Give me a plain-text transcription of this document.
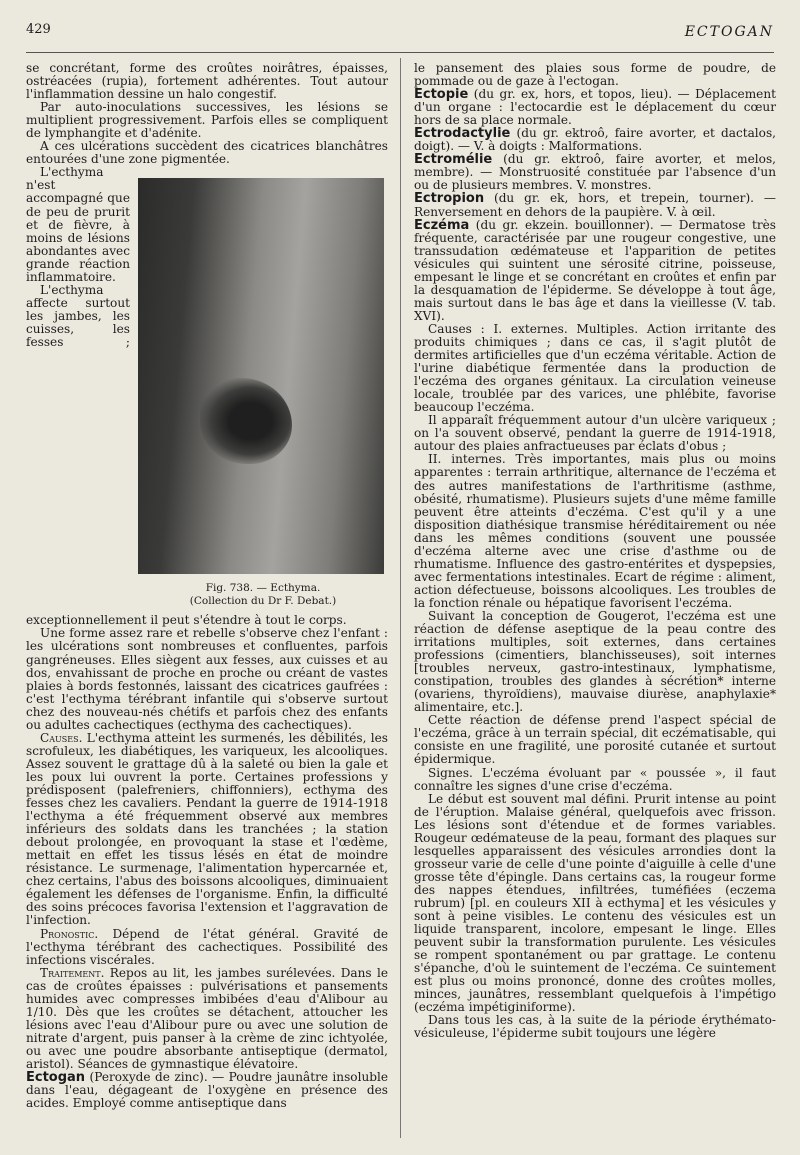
429	ECTOGAN

se concrétant, forme des croûtes noirâtres, épaisses, ostréacées (rupia), fortement adhérentes. Tout autour l'inflammation dessine un halo congestif.

Par auto-inoculations successives, les lésions se multiplient progressivement. Parfois elles se compliquent de lymphangite et d'adénite.

A ces ulcérations succèdent des cicatrices blanchâtres entourées d'une zone pigmentée.

Fig. 738. — Ecthyma.
(Collection du Dr F. Debat.)

L'ecthyma n'est accompagné que de peu de prurit et de fièvre, à moins de lésions abondantes avec grande réaction inflammatoire.

L'ecthyma affecte surtout les jambes, les cuisses, les fesses ; exceptionnellement il peut s'étendre à tout le corps.

Une forme assez rare et rebelle s'observe chez l'enfant : les ulcérations sont nombreuses et confluentes, parfois gangréneuses. Elles siègent aux fesses, aux cuisses et au dos, envahissant de proche en proche ou créant de vastes plaies à bords festonnés, laissant des cicatrices gaufrées : c'est l'ecthyma térébrant infantile qui s'observe surtout chez des nouveau-nés chétifs et parfois chez des enfants ou adultes cachectiques (ecthyma des cachectiques).

Causes. L'ecthyma atteint les surmenés, les débilités, les scrofuleux, les diabétiques, les variqueux, les alcooliques. Assez souvent le grattage dû à la saleté ou bien la gale et les poux lui ouvrent la porte. Certaines professions y prédisposent (palefreniers, chiffonniers), ecthyma des fesses chez les cavaliers. Pendant la guerre de 1914-1918 l'ecthyma a été fréquemment observé aux membres inférieurs des soldats dans les tranchées ; la station debout prolongée, en provoquant la stase et l'œdème, mettait en effet les tissus lésés en état de moindre résistance. Le surmenage, l'alimentation hypercarnée et, chez certains, l'abus des boissons alcooliques, diminuaient également les défenses de l'organisme. Enfin, la difficulté des soins précoces favorisa l'extension et l'aggravation de l'infection.

Pronostic. Dépend de l'état général. Gravité de l'ecthyma térébrant des cachectiques. Possibilité des infections viscérales.

Traitement. Repos au lit, les jambes surélevées. Dans le cas de croûtes épaisses : pulvérisations et pansements humides avec compresses imbibées d'eau d'Alibour au 1/10. Dès que les croûtes se détachent, attoucher les lésions avec l'eau d'Alibour pure ou avec une solution de nitrate d'argent, puis panser à la crème de zinc ichtyolée, ou avec une poudre absorbante antiseptique (dermatol, aristol). Séances de gymnastique élévatoire.

Ectogan (Peroxyde de zinc). — Poudre jaunâtre insoluble dans l'eau, dégageant de l'oxygène en présence des acides. Employé comme antiseptique dans

le pansement des plaies sous forme de poudre, de pommade ou de gaze à l'ectogan.

Ectopie (du gr. ex, hors, et topos, lieu). — Déplacement d'un organe : l'ectocardie est le déplacement du cœur hors de sa place normale.

Ectrodactylie (du gr. ektroô, faire avorter, et dactalos, doigt). — V. à doigts : Malformations.

Ectromélie (du gr. ektroô, faire avorter, et melos, membre). — Monstruosité constituée par l'absence d'un ou de plusieurs membres. V. monstres.

Ectropion (du gr. ek, hors, et trepein, tourner). — Renversement en dehors de la paupière. V. à œil.

Eczéma (du gr. ekzein. bouillonner). — Dermatose très fréquente, caractérisée par une rougeur congestive, une transsudation œdémateuse et l'apparition de petites vésicules qui suintent une sérosité citrine, poisseuse, empesant le linge et se concrétant en croûtes et enfin par la desquamation de l'épiderme. Se développe à tout âge, mais surtout dans le bas âge et dans la vieillesse (V. tab. XVI).

Causes : I. externes. Multiples. Action irritante des produits chimiques ; dans ce cas, il s'agit plutôt de dermites artificielles que d'un eczéma véritable. Action de l'urine diabétique fermentée dans la production de l'eczéma des organes génitaux. La circulation veineuse locale, troublée par des varices, une phlébite, favorise beaucoup l'eczéma.

Il apparaît fréquemment autour d'un ulcère variqueux ; on l'a souvent observé, pendant la guerre de 1914-1918, autour des plaies anfractueuses par éclats d'obus ;

II. internes. Très importantes, mais plus ou moins apparentes : terrain arthritique, alternance de l'eczéma et des autres manifestations de l'arthritisme (asthme, obésité, rhumatisme). Plusieurs sujets d'une même famille peuvent être atteints d'eczéma. C'est qu'il y a une disposition diathésique transmise héréditairement ou née dans les mêmes conditions (souvent une poussée d'eczéma alterne avec une crise d'asthme ou de rhumatisme. Influence des gastro-entérites et dyspepsies, avec fermentations intestinales. Ecart de régime : aliment, action défectueuse, boissons alcooliques. Les troubles de la fonction rénale ou hépatique favorisent l'eczéma.

Suivant la conception de Gougerot, l'eczéma est une réaction de défense aseptique de la peau contre des irritations multiples, soit externes, dans certaines professions (cimentiers, blanchisseuses), soit internes [troubles nerveux, gastro-intestinaux, lymphatisme, constipation, troubles des glandes à sécrétion* interne (ovariens, thyroïdiens), mauvaise diurèse, anaphylaxie* alimentaire, etc.].

Cette réaction de défense prend l'aspect spécial de l'eczéma, grâce à un terrain spécial, dit eczématisable, qui consiste en une fragilité, une porosité cutanée et surtout épidermique.

Signes. L'eczéma évoluant par « poussée », il faut connaître les signes d'une crise d'eczéma.

Le début est souvent mal défini. Prurit intense au point de l'éruption. Malaise général, quelquefois avec frisson. Les lésions sont d'étendue et de formes variables. Rougeur œdémateuse de la peau, formant des plaques sur lesquelles apparaissent des vésicules arrondies dont la grosseur varie de celle d'une pointe d'aiguille à celle d'une grosse tête d'épingle. Dans certains cas, la rougeur forme des nappes étendues, infiltrées, tuméfiées (eczema rubrum) [pl. en couleurs XII à ecthyma] et les vésicules y sont à peine visibles. Le contenu des vésicules est un liquide transparent, incolore, empesant le linge. Elles peuvent subir la transformation purulente. Les vésicules se rompent spontanément ou par grattage. Le contenu s'épanche, d'où le suintement de l'eczéma. Ce suintement est plus ou moins prononcé, donne des croûtes molles, minces, jaunâtres, ressemblant quelquefois à l'impétigo (eczéma impétiginiforme).

Dans tous les cas, à la suite de la période érythémato-vésiculeuse, l'épiderme subit toujours une légère
